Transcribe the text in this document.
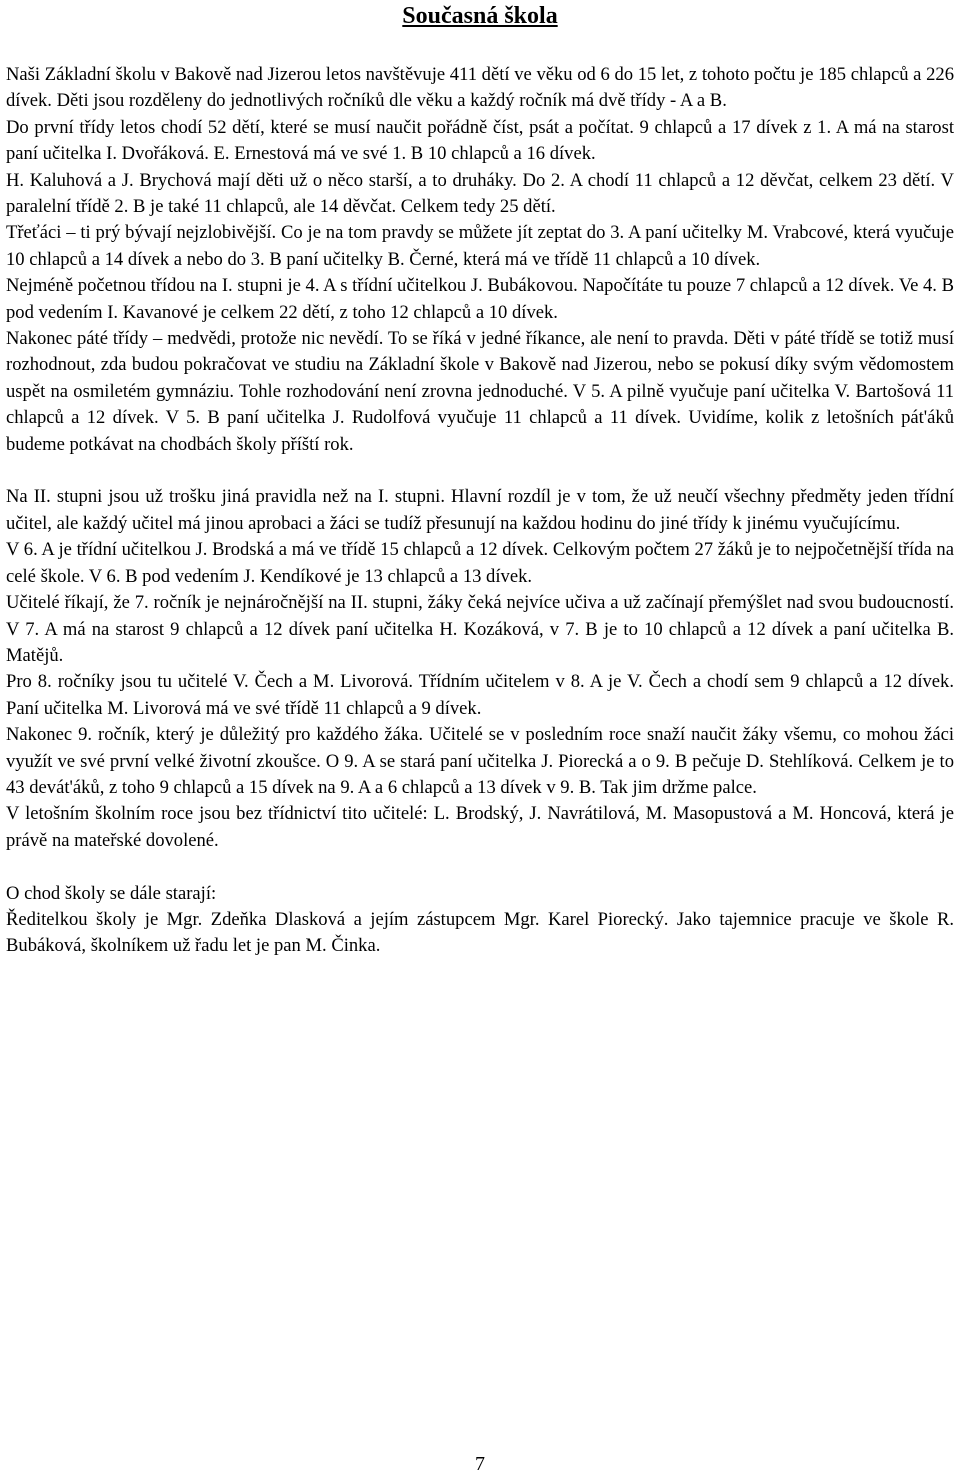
Současná škola

Naši Základní školu v Bakově nad Jizerou letos navštěvuje 411 dětí ve věku od 6 do 15 let, z tohoto počtu je 185 chlapců a 226 dívek. Děti jsou rozděleny do jednotlivých ročníků dle věku a každý ročník má dvě třídy - A a B.

Do první třídy letos chodí 52 dětí, které se musí naučit pořádně číst, psát a počítat. 9 chlapců a 17 dívek z 1. A má na starost paní učitelka I. Dvořáková. E. Ernestová má ve své 1. B 10 chlapců a 16 dívek.

H. Kaluhová a J. Brychová mají děti už o něco starší, a to druháky. Do 2. A chodí 11 chlapců a 12 děvčat, celkem 23 dětí. V paralelní třídě 2. B je také 11 chlapců, ale 14 děvčat. Celkem tedy 25 dětí.

Třeťáci – ti prý bývají nejzlobivější. Co je na tom pravdy se můžete jít zeptat do 3. A paní učitelky M. Vrabcové, která vyučuje 10 chlapců a 14 dívek a nebo do 3. B paní učitelky B. Černé, která má ve třídě 11 chlapců a 10 dívek.

Nejméně početnou třídou na I. stupni je 4. A s třídní učitelkou J. Bubákovou. Napočítáte tu pouze 7 chlapců a 12 dívek. Ve 4. B pod vedením I. Kavanové je celkem 22 dětí, z toho 12 chlapců a 10 dívek.

Nakonec páté třídy – medvědi, protože nic nevědí. To se říká v jedné říkance, ale není to pravda. Děti v páté třídě se totiž musí rozhodnout, zda budou pokračovat ve studiu na Základní škole v Bakově nad Jizerou, nebo se pokusí díky svým vědomostem uspět na osmiletém gymnáziu. Tohle rozhodování není zrovna jednoduché. V 5. A pilně vyučuje paní učitelka V. Bartošová 11 chlapců a 12 dívek. V 5. B paní učitelka J. Rudolfová vyučuje 11 chlapců a 11 dívek. Uvidíme, kolik z letošních pát'áků budeme potkávat na chodbách školy příští rok.

Na II. stupni jsou už trošku jiná pravidla než na I. stupni. Hlavní rozdíl je v tom, že už neučí všechny předměty jeden třídní učitel, ale každý učitel má jinou aprobaci a žáci se tudíž přesunují na každou hodinu do jiné třídy k jinému vyučujícímu.

V 6. A je třídní učitelkou J. Brodská a má ve třídě 15 chlapců a 12 dívek. Celkovým počtem 27 žáků je to nejpočetnější třída na celé škole. V 6. B pod vedením J. Kendíkové je 13 chlapců a 13 dívek.

Učitelé říkají, že 7. ročník je nejnáročnější na II. stupni, žáky čeká nejvíce učiva a už začínají přemýšlet nad svou budoucností. V 7. A má na starost 9 chlapců a 12 dívek paní učitelka H. Kozáková, v 7. B je to 10 chlapců a 12 dívek a paní učitelka B. Matějů.

Pro 8. ročníky jsou tu učitelé V. Čech a M. Livorová. Třídním učitelem v 8. A je V. Čech a chodí sem 9 chlapců a 12 dívek. Paní učitelka M. Livorová má ve své třídě 11 chlapců a 9 dívek.

Nakonec 9. ročník, který je důležitý pro každého žáka. Učitelé se v posledním roce snaží naučit žáky všemu, co mohou žáci využít ve své první velké životní zkoušce. O 9. A se stará paní učitelka J. Piorecká a o 9. B pečuje D. Stehlíková. Celkem je to 43 devát'áků, z toho 9 chlapců a 15 dívek na 9. A a 6 chlapců a 13 dívek v 9. B. Tak jim držme palce.

V letošním školním roce jsou bez třídnictví tito učitelé: L. Brodský, J. Navrátilová, M. Masopustová a M. Honcová, která je právě na mateřské dovolené.

O chod školy se dále starají:

Ředitelkou školy je Mgr. Zdeňka Dlasková a jejím zástupcem Mgr. Karel Piorecký. Jako tajemnice pracuje ve škole R. Bubáková, školníkem už řadu let je pan M. Činka.

7
